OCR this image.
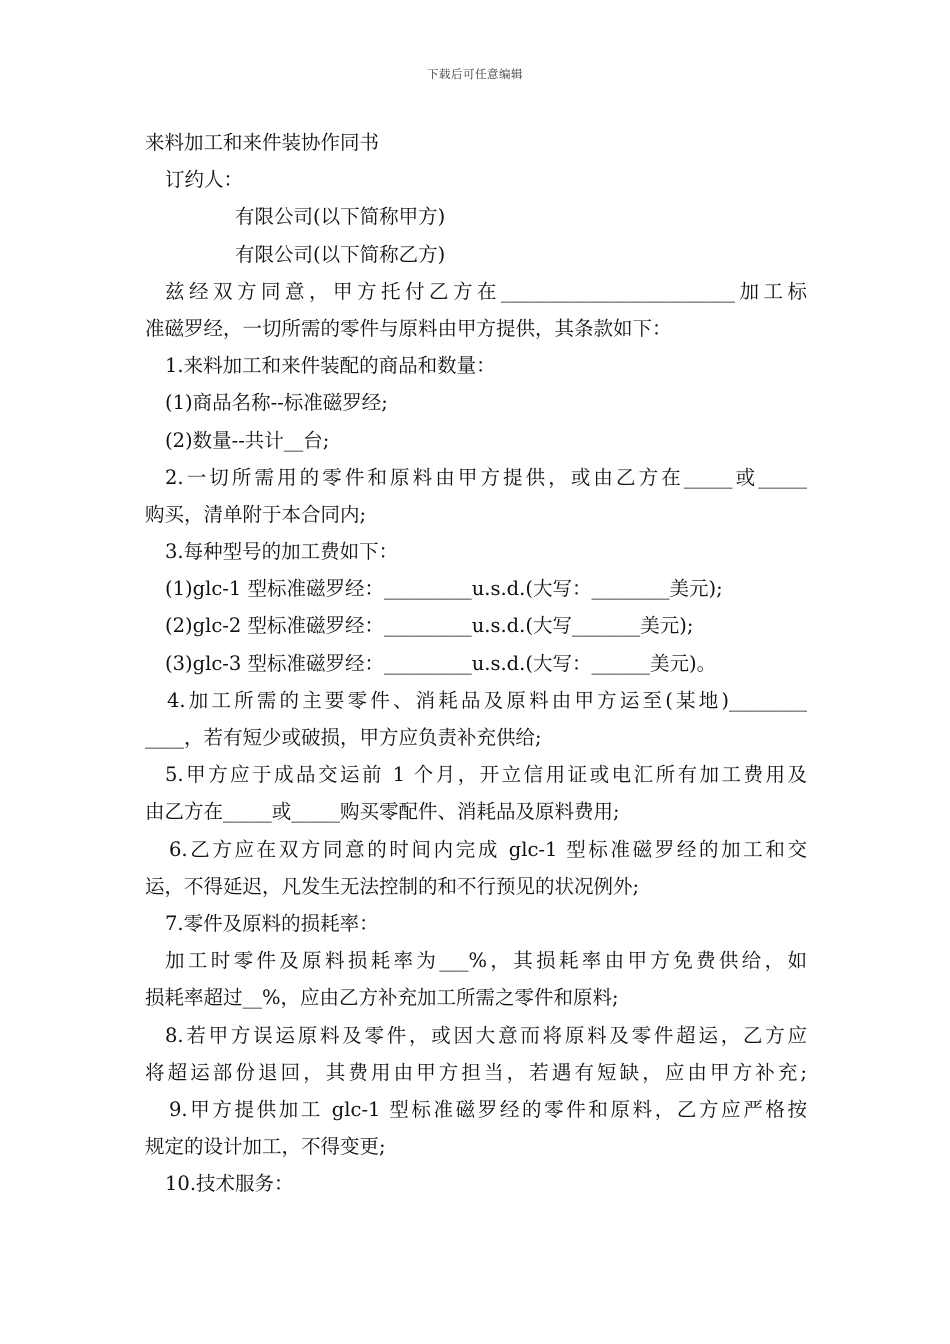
下载后可任意编辑
来料加工和来件装协作同书
订约人：
有限公司(以下简称甲方)
有限公司(以下简称乙方)
兹经双方同意，甲方托付乙方在________________________加工标
准磁罗经，一切所需的零件与原料由甲方提供，其条款如下：
1.来料加工和来件装配的商品和数量：
(1)商品名称--标准磁罗经;
(2)数量--共计__台;
2.一切所需用的零件和原料由甲方提供，或由乙方在_____或_____
购买，清单附于本合同内;
3.每种型号的加工费如下：
(1)glc-1 型标准磁罗经：_________u.s.d.(大写：________美元);
(2)glc-2 型标准磁罗经：_________u.s.d.(大写_______美元);
(3)glc-3 型标准磁罗经：_________u.s.d.(大写：______美元)。
4.加工所需的主要零件、消耗品及原料由甲方运至(某地)________
____，若有短少或破损，甲方应负责补充供给;
5.甲方应于成品交运前 1 个月，开立信用证或电汇所有加工费用及
由乙方在_____或_____购买零配件、消耗品及原料费用;
6.乙方应在双方同意的时间内完成 glc-1 型标准磁罗经的加工和交
运，不得延迟，凡发生无法控制的和不行预见的状况例外;
7.零件及原料的损耗率：
加工时零件及原料损耗率为___%，其损耗率由甲方免费供给，如
损耗率超过__%，应由乙方补充加工所需之零件和原料;
8.若甲方误运原料及零件，或因大意而将原料及零件超运，乙方应
将超运部份退回，其费用由甲方担当，若遇有短缺，应由甲方补充;
9.甲方提供加工 glc-1 型标准磁罗经的零件和原料，乙方应严格按
规定的设计加工，不得变更;
10.技术服务：
